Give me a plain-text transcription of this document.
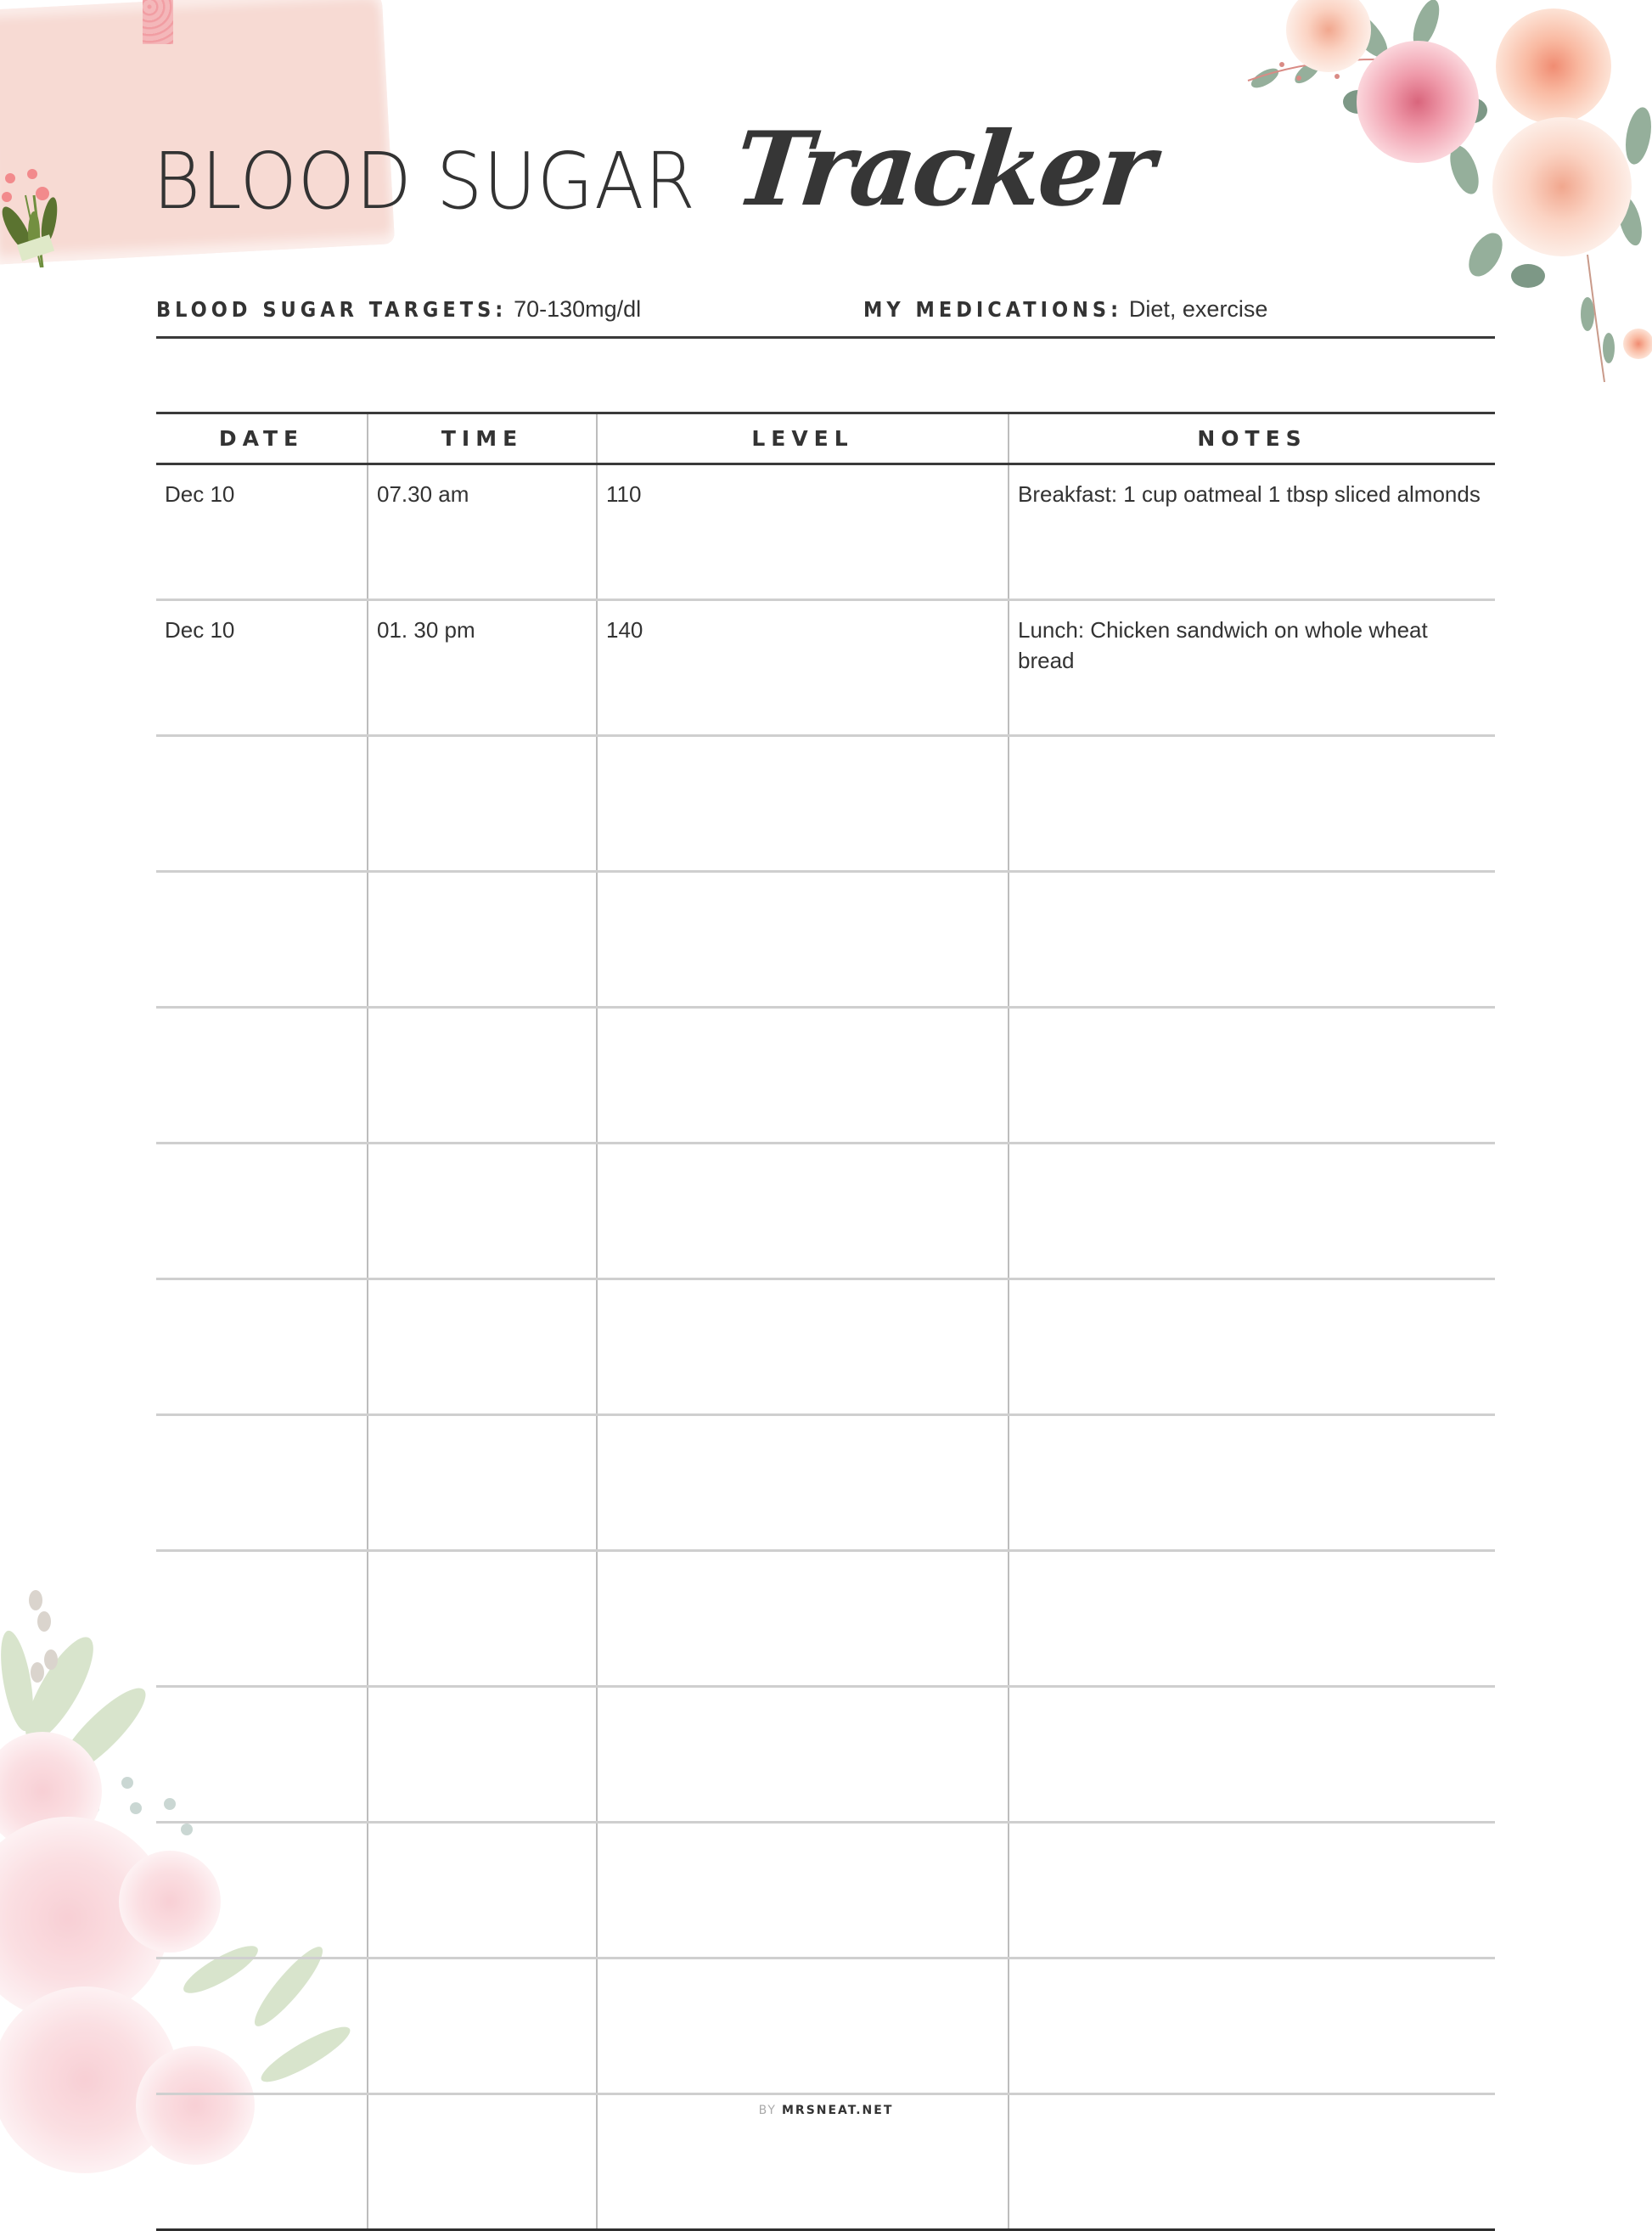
BLOOD SUGAR Tracker
BLOOD SUGAR TARGETS: 70-130mg/dl	MY MEDICATIONS: Diet, exercise
DATE	TIME	LEVEL	NOTES
Dec 10	07.30 am	110	Breakfast: 1 cup oatmeal 1 tbsp sliced almonds
Dec 10	01. 30 pm	140	Lunch: Chicken sandwich on whole wheat bread

BY MRSNEAT.NET
